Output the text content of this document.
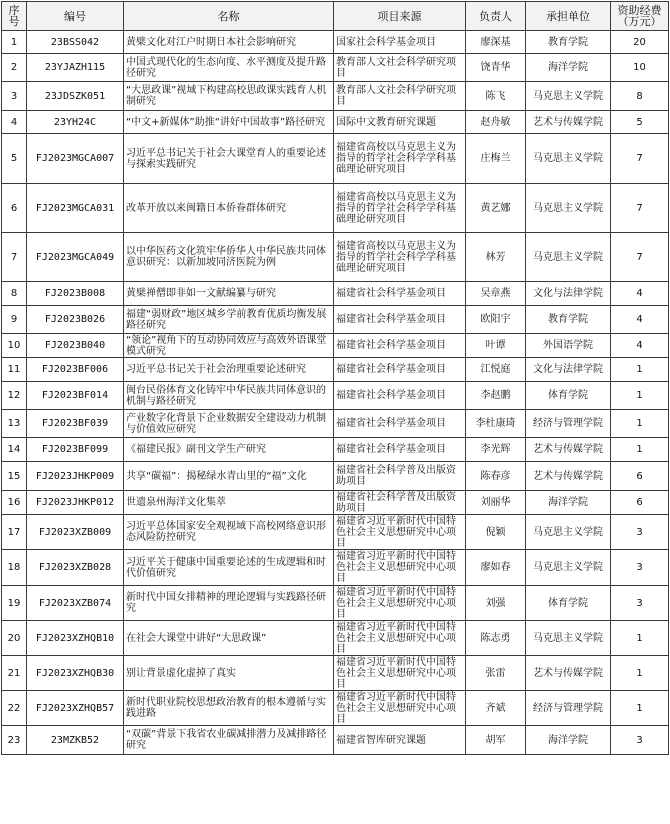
序号	编号	名称	项目来源	负责人	承担单位	资助经费（万元）
1	23BSS042	黄檗文化对江户时期日本社会影响研究	国家社会科学基金项目	廖深基	教育学院	20
2	23YJAZH115	中国式现代化的生态向度、水平测度及提升路径研究	教育部人文社会科学研究项目	饶青华	海洋学院	10
3	23JDSZK051	“大思政课”视域下构建高校思政课实践育人机制研究	教育部人文社会科学研究项目	陈飞	马克思主义学院	8
4	23YH24C	“中文+新媒体”助推“讲好中国故事”路径研究	国际中文教育研究课题	赵舟敏	艺术与传媒学院	5
5	FJ2023MGCA007	习近平总书记关于社会大课堂育人的重要论述与探索实践研究	福建省高校以马克思主义为指导的哲学社会科学学科基础理论研究项目	庄梅兰	马克思主义学院	7
6	FJ2023MGCA031	改革开放以来闽籍日本侨眷群体研究	福建省高校以马克思主义为指导的哲学社会科学学科基础理论研究项目	黄艺娜	马克思主义学院	7
7	FJ2023MGCA049	以中华医药文化筑牢华侨华人中华民族共同体意识研究：以新加坡同济医院为例	福建省高校以马克思主义为指导的哲学社会科学学科基础理论研究项目	林芳	马克思主义学院	7
8	FJ2023B008	黄檗禅僧即非如一文献编纂与研究	福建省社会科学基金项目	吴章燕	文化与法律学院	4
9	FJ2023B026	福建“弱财政”地区城乡学前教育优质均衡发展路径研究	福建省社会科学基金项目	欧阳宇	教育学院	4
10	FJ2023B040	“领论”视角下的互动协同效应与高效外语课堂模式研究	福建省社会科学基金项目	叶谭	外国语学院	4
11	FJ2023BF006	习近平总书记关于社会治理重要论述研究	福建省社会科学基金项目	江悦庭	文化与法律学院	1
12	FJ2023BF014	闽台民俗体育文化铸牢中华民族共同体意识的机制与路径研究	福建省社会科学基金项目	李赵鹏	体育学院	1
13	FJ2023BF039	产业数字化背景下企业数据安全建设动力机制与价值效应研究	福建省社会科学基金项目	李杜康琦	经济与管理学院	1
14	FJ2023BF099	《福建民报》副刊文学生产研究	福建省社会科学基金项目	李光辉	艺术与传媒学院	1
15	FJ2023JHKP009	共享“碳福”：揭秘绿水青山里的“福”文化	福建省社会科学普及出版资助项目	陈春彦	艺术与传媒学院	6
16	FJ2023JHKP012	世遗泉州海洋文化集萃	福建省社会科学普及出版资助项目	刘丽华	海洋学院	6
17	FJ2023XZB009	习近平总体国家安全观视域下高校网络意识形态风险防控研究	福建省习近平新时代中国特色社会主义思想研究中心项目	倪颖	马克思主义学院	3
18	FJ2023XZB028	习近平关于健康中国重要论述的生成逻辑和时代价值研究	福建省习近平新时代中国特色社会主义思想研究中心项目	廖如春	马克思主义学院	3
19	FJ2023XZB074	新时代中国女排精神的理论逻辑与实践路径研究	福建省习近平新时代中国特色社会主义思想研究中心项目	刘强	体育学院	3
20	FJ2023XZHQB10	在社会大课堂中讲好“大思政课”	福建省习近平新时代中国特色社会主义思想研究中心项目	陈志勇	马克思主义学院	1
21	FJ2023XZHQB30	别让背景虚化虚掉了真实	福建省习近平新时代中国特色社会主义思想研究中心项目	张雷	艺术与传媒学院	1
22	FJ2023XZHQB57	新时代职业院校思想政治教育的根本遵循与实践进路	福建省习近平新时代中国特色社会主义思想研究中心项目	齐斌	经济与管理学院	1
23	23MZKB52	“双碳”背景下我省农业碳减排潜力及减排路径研究	福建省智库研究课题	胡军	海洋学院	3
